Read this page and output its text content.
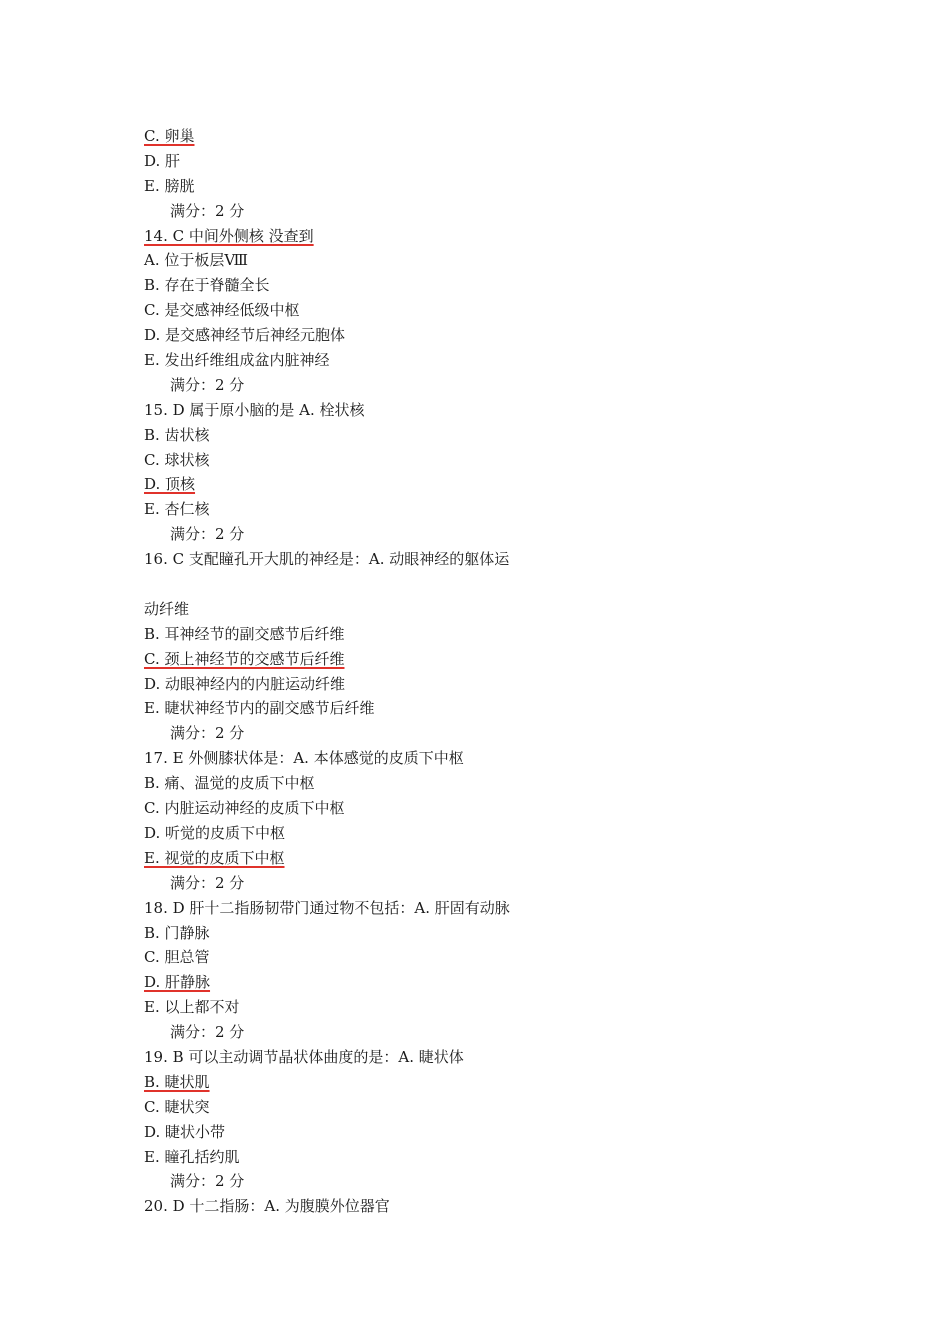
C. 卵巢
D. 肝
E. 膀胱
满分：2 分
14. C 中间外侧核 没查到
A. 位于板层Ⅷ
B. 存在于脊髓全长
C. 是交感神经低级中枢
D. 是交感神经节后神经元胞体
E. 发出纤维组成盆内脏神经
满分：2 分
15. D 属于原小脑的是 A. 栓状核
B. 齿状核
C. 球状核
D. 顶核
E. 杏仁核
满分：2 分
16. C 支配瞳孔开大肌的神经是：A. 动眼神经的躯体运
动纤维
B. 耳神经节的副交感节后纤维
C. 颈上神经节的交感节后纤维
D. 动眼神经内的内脏运动纤维
E. 睫状神经节内的副交感节后纤维
满分：2 分
17. E 外侧膝状体是：A. 本体感觉的皮质下中枢
B. 痛、温觉的皮质下中枢
C. 内脏运动神经的皮质下中枢
D. 听觉的皮质下中枢
E. 视觉的皮质下中枢
满分：2 分
18. D 肝十二指肠韧带门通过物不包括：A. 肝固有动脉
B. 门静脉
C. 胆总管
D. 肝静脉
E. 以上都不对
满分：2 分
19. B 可以主动调节晶状体曲度的是：A. 睫状体
B. 睫状肌
C. 睫状突
D. 睫状小带
E. 瞳孔括约肌
满分：2 分
20. D 十二指肠：A. 为腹膜外位器官
